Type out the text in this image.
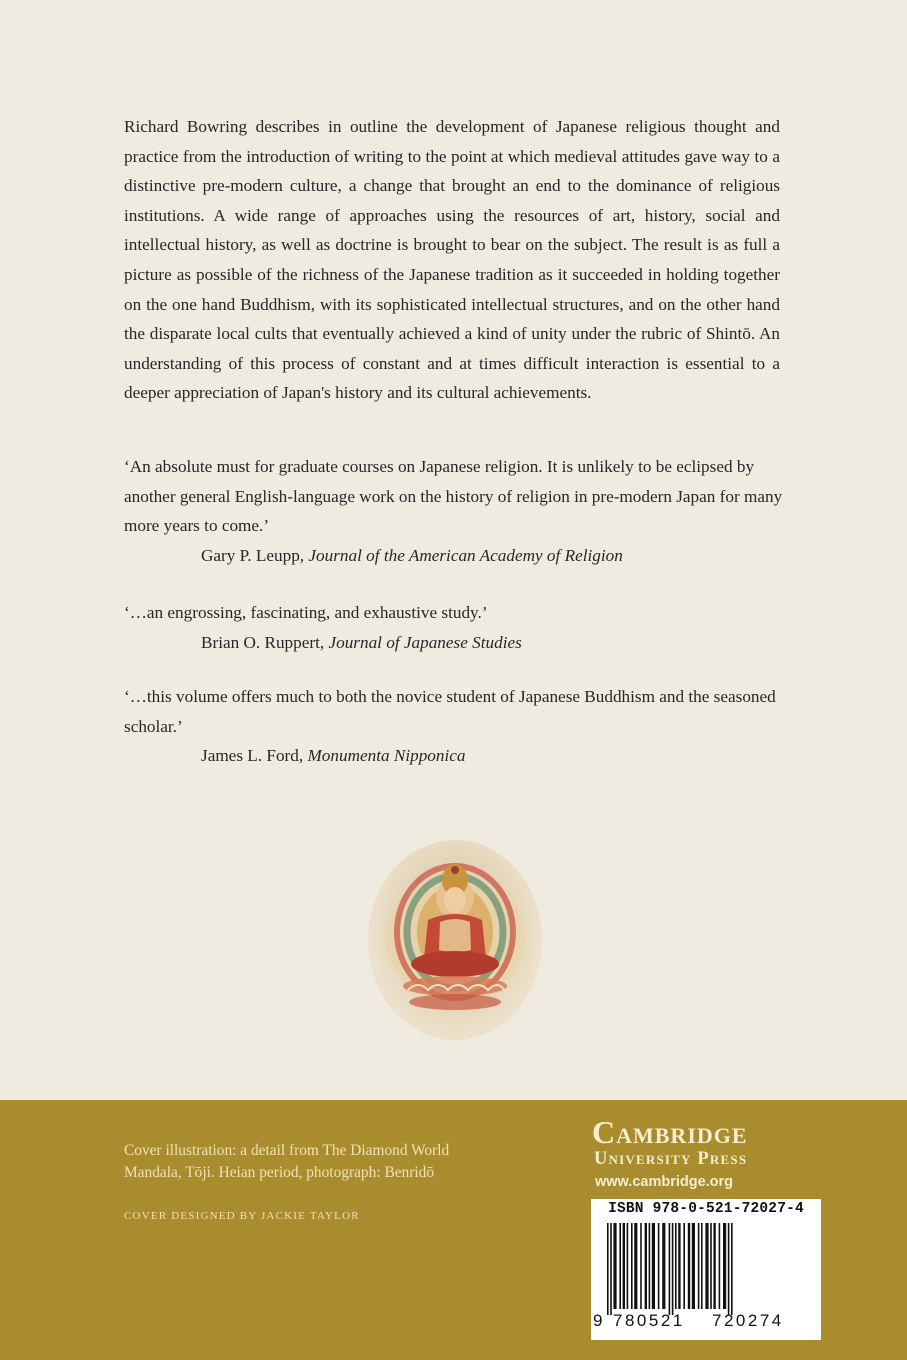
Richard Bowring describes in outline the development of Japanese religious thought and practice from the introduction of writing to the point at which medieval attitudes gave way to a distinctive pre-modern culture, a change that brought an end to the dominance of religious institutions. A wide range of approaches using the resources of art, history, social and intellectual history, as well as doctrine is brought to bear on the subject. The result is as full a picture as possible of the richness of the Japanese tradition as it succeeded in holding together on the one hand Buddhism, with its sophisticated intellectual structures, and on the other hand the disparate local cults that eventually achieved a kind of unity under the rubric of Shintō. An understanding of this process of constant and at times difficult interaction is essential to a deeper appreciation of Japan's history and its cultural achievements.

‘An absolute must for graduate courses on Japanese religion. It is unlikely to be eclipsed by another general English-language work on the history of religion in pre-modern Japan for many more years to come.’

Gary P. Leupp, Journal of the American Academy of Religion

‘…an engrossing, fascinating, and exhaustive study.’

Brian O. Ruppert, Journal of Japanese Studies

‘…this volume offers much to both the novice student of Japanese Buddhism and the seasoned scholar.’

James L. Ford, Monumenta Nipponica

Cover illustration: a detail from The Diamond World
Mandala, Tōji. Heian period, photograph: Benridō

COVER DESIGNED BY JACKIE TAYLOR

Cambridge

University Press

www.cambridge.org

ISBN 978-0-521-72027-4

9 780521 720274
